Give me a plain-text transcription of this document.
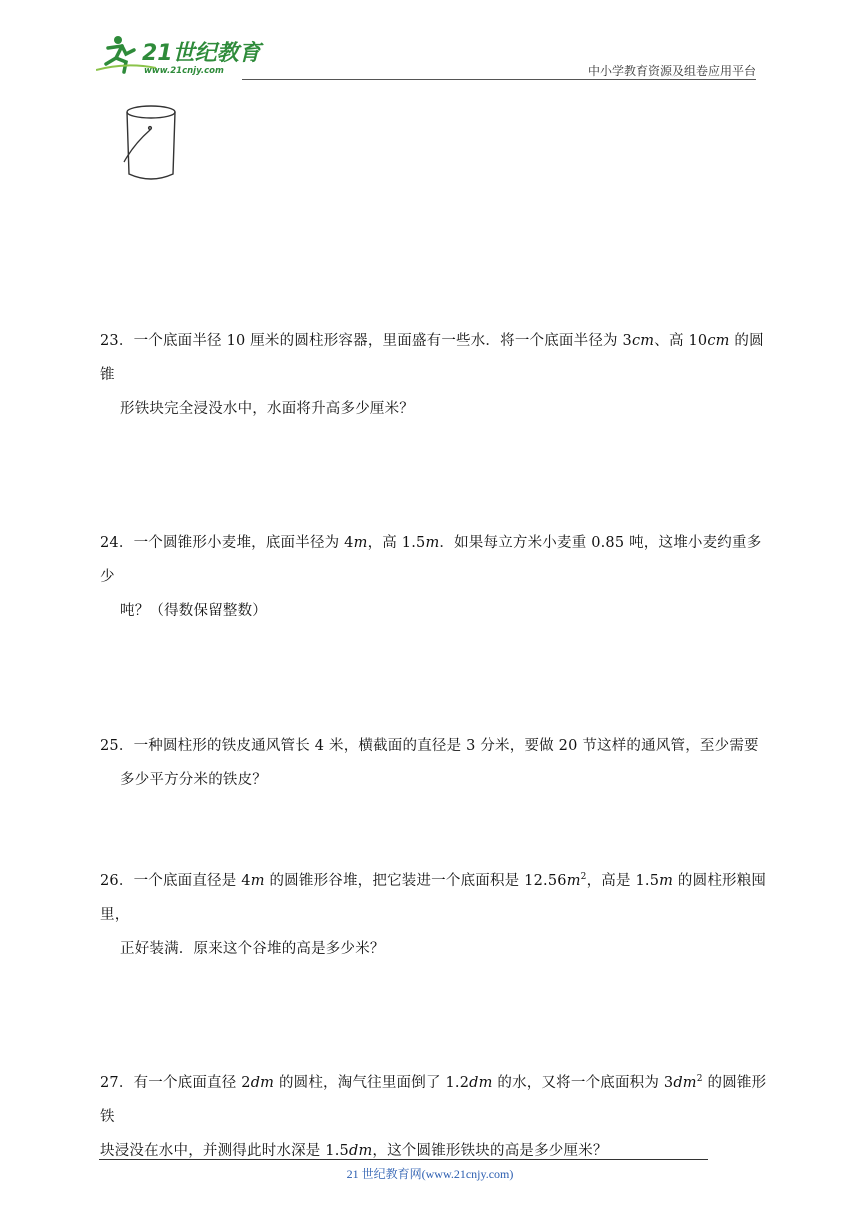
21世纪教育
www.21cnjy.com	中小学教育资源及组卷应用平台
23．一个底面半径 10 厘米的圆柱形容器，里面盛有一些水．将一个底面半径为 3cm、高 10cm 的圆锥
形铁块完全浸没水中，水面将升高多少厘米？
24．一个圆锥形小麦堆，底面半径为 4m，高 1.5m．如果每立方米小麦重 0.85 吨，这堆小麦约重多少
吨？（得数保留整数）
25．一种圆柱形的铁皮通风管长 4 米，横截面的直径是 3 分米，要做 20 节这样的通风管，至少需要
多少平方分米的铁皮？
26．一个底面直径是 4m 的圆锥形谷堆，把它装进一个底面积是 $12.56m^2$，高是 1.5m 的圆柱形粮囤里，
正好装满．原来这个谷堆的高是多少米？
27．有一个底面直径 2dm 的圆柱，淘气往里面倒了 1.2dm 的水，又将一个底面积为 $3dm^2$ 的圆锥形铁
块浸没在水中，并测得此时水深是 1.5dm，这个圆锥形铁块的高是多少厘米？
21 世纪教育网(www.21cnjy.com)
